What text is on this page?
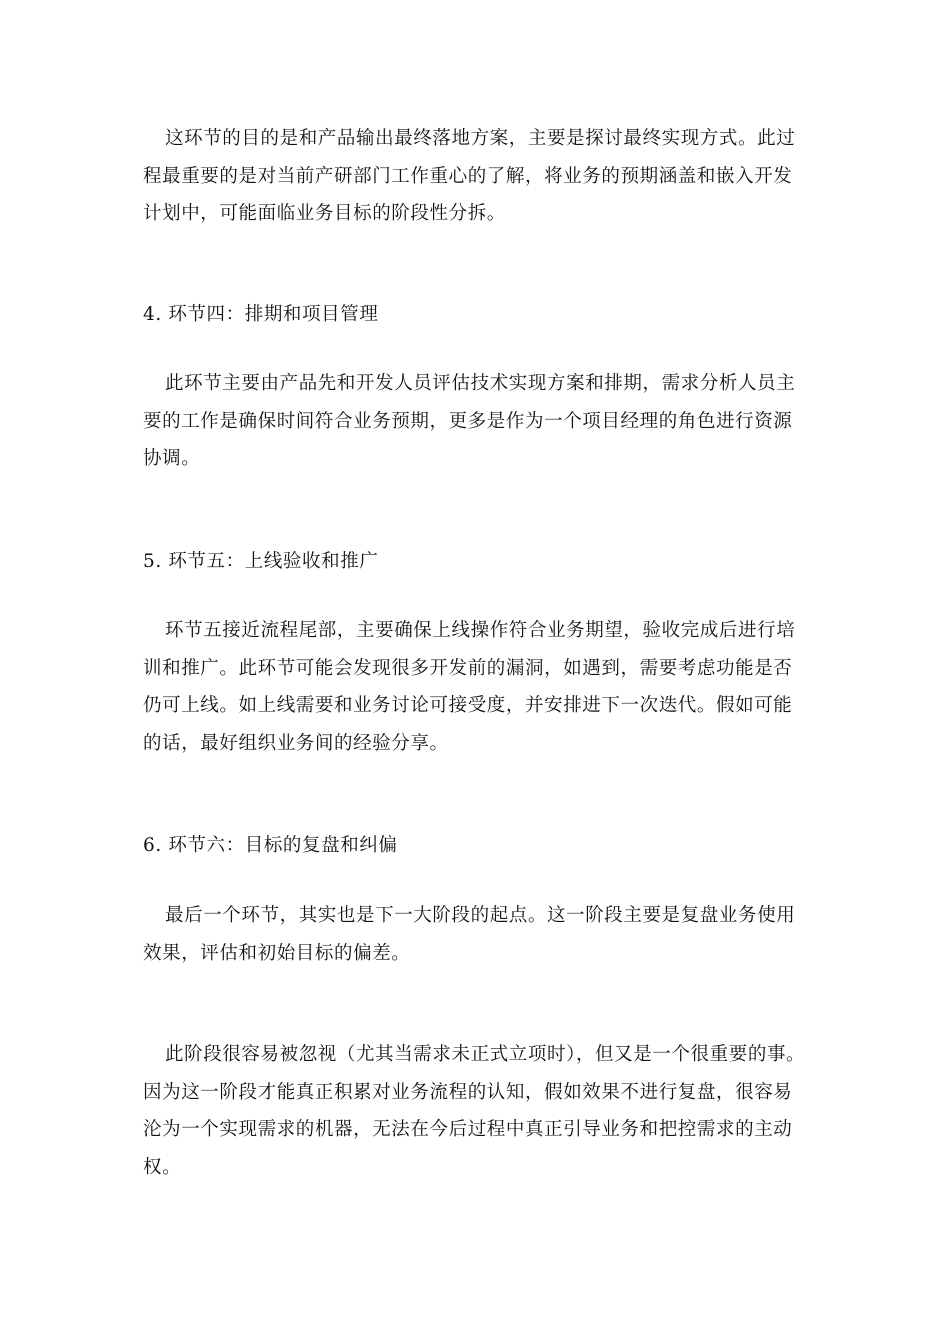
这环节的目的是和产品输出最终落地方案，主要是探讨最终实现方式。此过程最重要的是对当前产研部门工作重心的了解，将业务的预期涵盖和嵌入开发计划中，可能面临业务目标的阶段性分拆。

4. 环节四：排期和项目管理

此环节主要由产品先和开发人员评估技术实现方案和排期，需求分析人员主要的工作是确保时间符合业务预期，更多是作为一个项目经理的角色进行资源协调。

5. 环节五：上线验收和推广

环节五接近流程尾部，主要确保上线操作符合业务期望，验收完成后进行培训和推广。此环节可能会发现很多开发前的漏洞，如遇到，需要考虑功能是否仍可上线。如上线需要和业务讨论可接受度，并安排进下一次迭代。假如可能的话，最好组织业务间的经验分享。

6. 环节六：目标的复盘和纠偏

最后一个环节，其实也是下一大阶段的起点。这一阶段主要是复盘业务使用效果，评估和初始目标的偏差。

此阶段很容易被忽视（尤其当需求未正式立项时），但又是一个很重要的事。因为这一阶段才能真正积累对业务流程的认知，假如效果不进行复盘，很容易沦为一个实现需求的机器，无法在今后过程中真正引导业务和把控需求的主动权。
